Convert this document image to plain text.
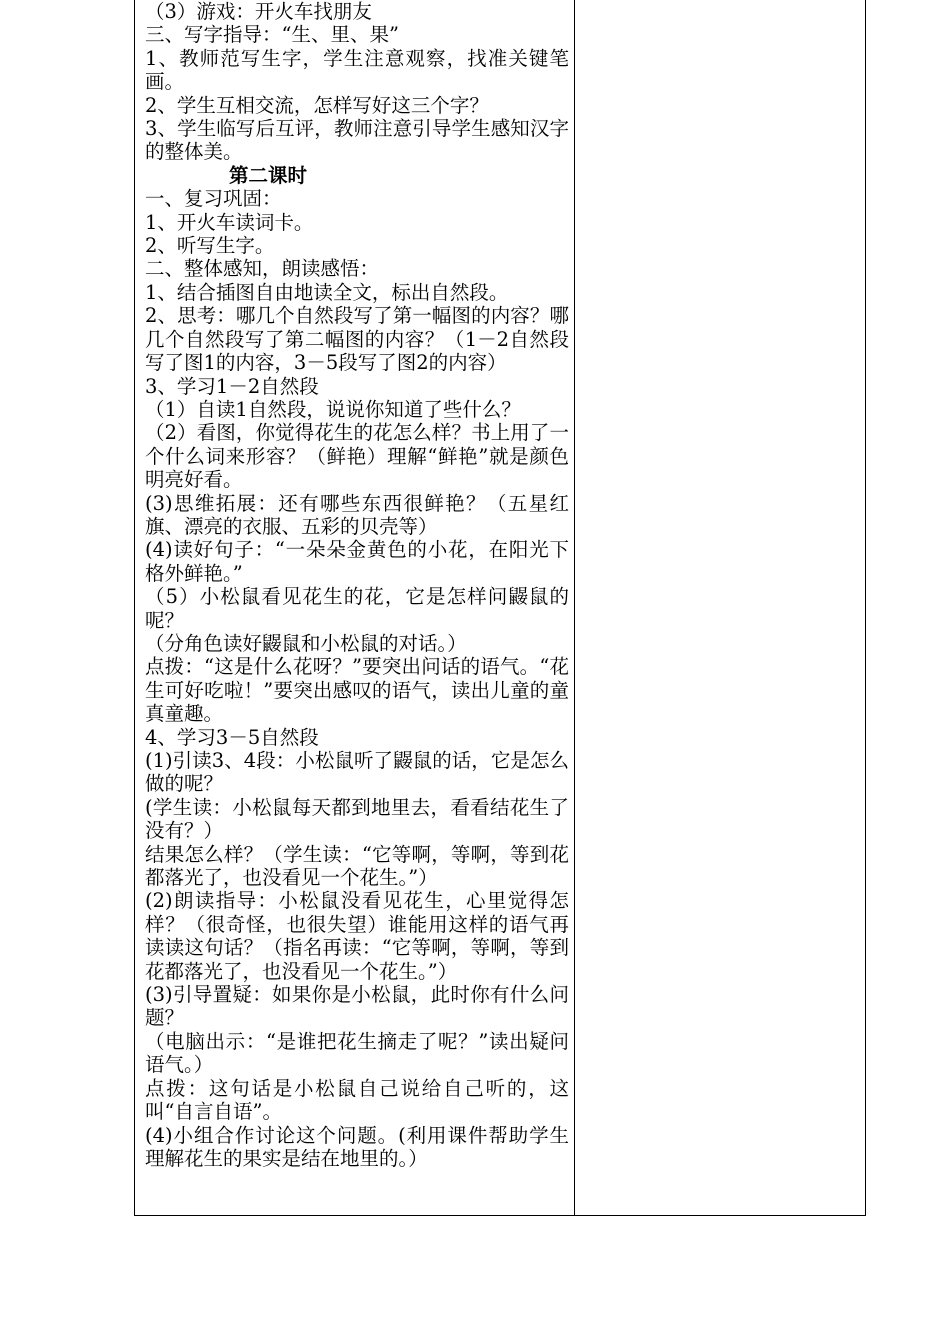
（3）游戏：开火车找朋友

三、写字指导：“生、里、果”

1、教师范写生字，学生注意观察，找准关键笔画。

2、学生互相交流，怎样写好这三个字？

3、学生临写后互评，教师注意引导学生感知汉字的整体美。

第二课时

一、复习巩固：

1、开火车读词卡。

2、听写生字。

二、整体感知，朗读感悟：

1、结合插图自由地读全文，标出自然段。

2、思考：哪几个自然段写了第一幅图的内容？哪几个自然段写了第二幅图的内容？（1－2自然段写了图1的内容，3－5段写了图2的内容）

3、学习1－2自然段

（1）自读1自然段，说说你知道了些什么？

（2）看图，你觉得花生的花怎么样？书上用了一个什么词来形容？（鲜艳）理解“鲜艳”就是颜色明亮好看。

(3)思维拓展：还有哪些东西很鲜艳？（五星红旗、漂亮的衣服、五彩的贝壳等）

(4)读好句子：“一朵朵金黄色的小花，在阳光下格外鲜艳。”

（5）小松鼠看见花生的花，它是怎样问鼹鼠的呢？

（分角色读好鼹鼠和小松鼠的对话。）

点拨：“这是什么花呀？”要突出问话的语气。“花生可好吃啦！”要突出感叹的语气，读出儿童的童真童趣。

4、学习3－5自然段

(1)引读3、4段：小松鼠听了鼹鼠的话，它是怎么做的呢？

(学生读：小松鼠每天都到地里去，看看结花生了没有？）

结果怎么样？（学生读：“它等啊，等啊，等到花都落光了，也没看见一个花生。”）

(2)朗读指导：小松鼠没看见花生，心里觉得怎样？（很奇怪，也很失望）谁能用这样的语气再读读这句话？（指名再读：“它等啊，等啊，等到花都落光了，也没看见一个花生。”）

(3)引导置疑：如果你是小松鼠，此时你有什么问题？

（电脑出示：“是谁把花生摘走了呢？”读出疑问语气。）

点拨：这句话是小松鼠自己说给自己听的，这叫“自言自语”。

(4)小组合作讨论这个问题。(利用课件帮助学生理解花生的果实是结在地里的。）
